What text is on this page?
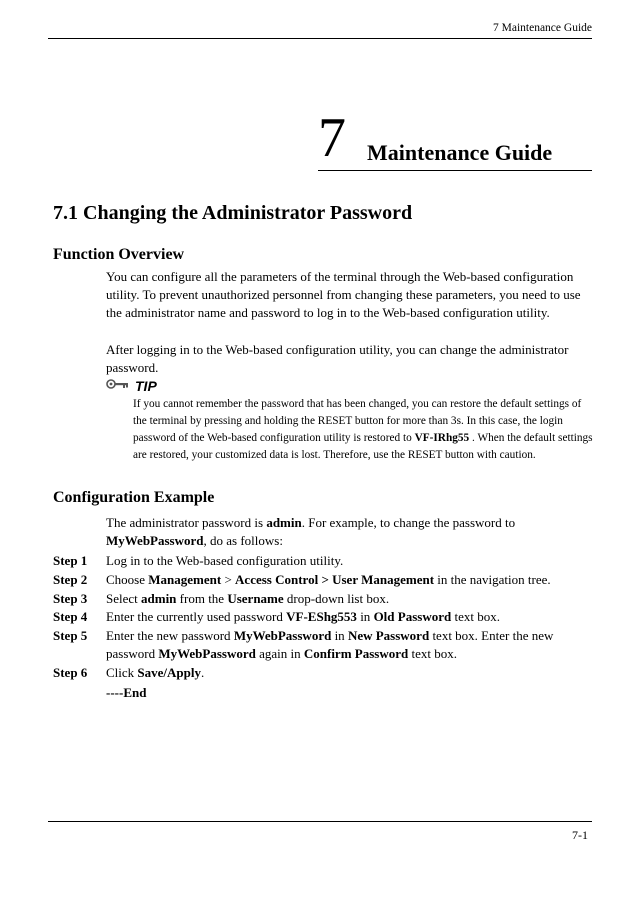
7 Maintenance Guide
7 Maintenance Guide
7.1 Changing the Administrator Password
Function Overview
You can configure all the parameters of the terminal through the Web-based configuration utility. To prevent unauthorized personnel from changing these parameters, you need to use the administrator name and password to log in to the Web-based configuration utility.
After logging in to the Web-based configuration utility, you can change the administrator password.
TIP
If you cannot remember the password that has been changed, you can restore the default settings of the terminal by pressing and holding the RESET button for more than 3s. In this case, the login password of the Web-based configuration utility is restored to VF-IRhg55 . When the default settings are restored, your customized data is lost. Therefore, use the RESET button with caution.
Configuration Example
The administrator password is admin. For example, to change the password to MyWebPassword, do as follows:
Step 1 Log in to the Web-based configuration utility.
Step 2 Choose Management > Access Control > User Management in the navigation tree.
Step 3 Select admin from the Username drop-down list box.
Step 4 Enter the currently used password VF-EShg553 in Old Password text box.
Step 5 Enter the new password MyWebPassword in New Password text box. Enter the new password MyWebPassword again in Confirm Password text box.
Step 6 Click Save/Apply.
----End
7-1
